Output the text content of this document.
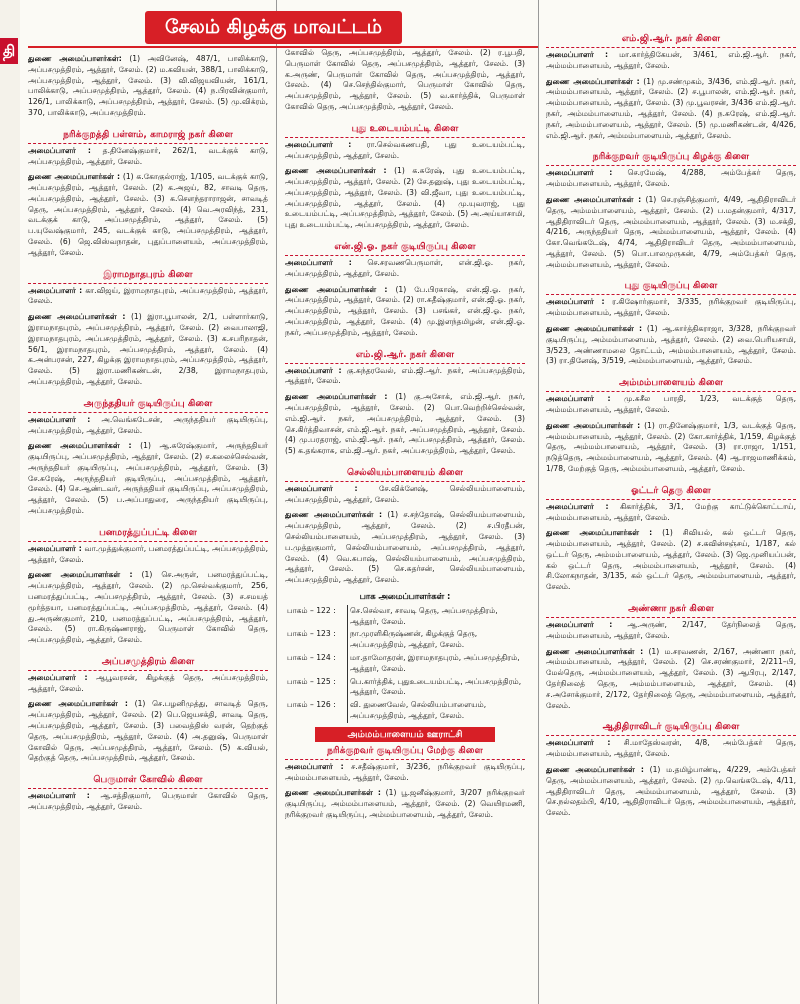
தி
சேலம் கிழக்கு மாவட்டம்
துணை அமைப்பாளர்கள்: (1) அவினேஷ், 487/1, பாலிக்காடு, அப்பசமுத்திரம், ஆத்தூர், சேலம். (2) ம.கவியன், 388/1, பாலிக்காடு, அப்பசமுத்திரம், ஆத்தூர், சேலம். (3) வி.விஜயவியன், 161/1, பாலிக்காடு, அப்பசமுத்திரம், ஆத்தூர், சேலம். (4) ந.பிரவின்குமார், 126/1, பாலிக்காடு, அப்பசமுத்திரம், ஆத்தூர், சேலம். (5) மு.விக்ரம், 370, பாலிக்காடு, அப்பசமுத்திரம்.
நரிக்குறத்தி பள்ளம், காமராஜ் நகர் கிளை
அமைப்பாளர் : த.தினேஷ்குமார், 262/1, வடக்குக் காடு, அப்பசமுத்திரம், ஆத்தூர், சேலம்.
துணை அமைப்பாளர்கள் : (1) க.கோகுல்ராஜ், 1/105, வடக்குக் காடு, அப்பசமுத்திரம், ஆத்தூர், சேலம். (2) க.அஜய், 82, சாவடி தெரு, அப்பசமுத்திரம், ஆத்தூர், சேலம். (3) க.சௌந்தராராஜன், சாவடித் தெரு, அப்பசமுத்திரம், ஆத்தூர், சேலம். (4) வெ.அரவிந்த், 231, வடக்குக் காடு, அப்பசமுத்திரம், ஆத்தூர், சேலம். (5) ப.யுவேஷ்குமார், 245, வடக்குக் காடு, அப்பசமுத்திரம், ஆத்தூர், சேலம். (6) ஜெ.விஸ்வநாதன், புதுப்பாளையம், அப்பசமுத்திரம், ஆத்தூர், சேலம்.
இராமநாதபுரம் கிளை
அமைப்பாளர் : கா.விஜய், இராமநாதபுரம், அப்பசமுத்திரம், ஆத்தூர், சேலம்.
துணை அமைப்பாளர்கள் : (1) இரா.பூபாலன், 2/1, பள்ளார்காடு, இராமநாதபுரம், அப்பசமுத்திரம், ஆத்தூர், சேலம். (2) வைபாலாஜி, இராமநாதபுரம், அப்பசமுத்திரம், ஆத்தூர், சேலம். (3) க.சபரிநாதன், 56/1, இராமநாதபுரம், அப்பசமுத்திரம், ஆத்தூர், சேலம். (4) க.அன்பரசன், 227, கிழக்கு இராமநாதபுரம், அப்பசமுத்திரம், ஆத்தூர், சேலம். (5) இரா.மணிகண்டன், 2/38, இராமநாதபுரம், அப்பசமுத்திரம், ஆத்தூர், சேலம்.
அருந்ததியர் குடியிருப்பு கிளை
அமைப்பாளர் : அ.வெங்கடேசன், அருந்ததியர் குடியிருப்பு, அப்பசமுத்திரம், ஆத்தூர், சேலம்.
துணை அமைப்பாளர்கள் : (1) ஆ.சுரேஷ்குமார், அருந்ததியர் குடியிருப்பு, அப்பசமுத்திரம், ஆத்தூர், சேலம். (2) ச.கலைச்செல்வன், அருந்ததியர் குடியிருப்பு, அப்பசமுத்திரம், ஆத்தூர், சேலம். (3) சே.சுரேஷ், அருந்ததியர் குடியிருப்பு, அப்பசமுத்திரம், ஆத்தூர், சேலம். (4) செ.ஆண்டவர், அருந்ததியர் குடியிருப்பு, அப்பசமுத்திரம், ஆத்தூர், சேலம். (5) ப.அப்பாதுரை, அருந்ததியர் குடியிருப்பு, அப்பசமுத்திரம்.
பனமரத்துப்பட்டி கிளை
அமைப்பாளர் : வா.முத்துக்குமார், பனமரத்துப்பட்டி, அப்பசமுத்திரம், ஆத்தூர், சேலம்.
துணை அமைப்பாளர்கள் : (1) செ.அருள், பனமரத்துப்பட்டி, அப்பசமுத்திரம், ஆத்தூர், சேலம். (2) மு.செல்வக்குமார், 256, பனமரத்துப்பட்டி, அப்பசமுத்திரம், ஆத்தூர், சேலம். (3) ச.சமயத் மூர்த்தயா, பனமரத்துப்பட்டி, அப்பசமுத்திரம், ஆத்தூர், சேலம். (4) து.அருண்குமார், 210, பனமரத்துப்பட்டி, அப்பசமுத்திரம், ஆத்தூர், சேலம். (5) ரா.கிருஷ்ணராஜ், பெருமாள் கோவில் தெரு, அப்பசமுத்திரம், ஆத்தூர், சேலம்.
அப்பசமுத்திரம் கிளை
அமைப்பாளர் : ஆபூவரசன், கிழக்குத் தெரு, அப்பசமுத்திரம், ஆத்தூர், சேலம்.
துணை அமைப்பாளர்கள் : (1) செ.பழனிமுத்து, சாவடித் தெரு, அப்பசமுத்திரம், ஆத்தூர், சேலம். (2) பெ.ஜெயசக்தி, சாவடி தெரு, அப்பசமுத்திரம், ஆத்தூர், சேலம். (3) பவைத்திஸ் வரன், தெற்குத் தெரு, அப்பசமுத்திரம், ஆத்தூர், சேலம். (4) அ.தனுஷ், பெருமாள் கோவில் தெரு, அப்பசமுத்திரம், ஆத்தூர், சேலம். (5) க.வியல், தெற்குத் தெரு, அப்பசமுத்திரம், ஆத்தூர், சேலம்.
பெருமாள் கோவில் கிளை
அமைப்பாளர் : ஆ.சத்திகுமார், பெருமாள் கோவில் தெரு, அப்பசமுத்திரம், ஆத்தூர், சேலம்.
கோவில் தெரு, அப்பசமுத்திரம், ஆத்தூர், சேலம். (2) ர.பூபதி, பெருமாள் கோவில் தெரு, அப்பசமுத்திரம், ஆத்தூர், சேலம். (3) க.அருண், பெருமாள் கோவில் தெரு, அப்பசமுத்திரம், ஆத்தூர், சேலம். (4) செ.செந்தில்குமார், பெருமாள் கோவில் தெரு, அப்பசமுத்திரம், ஆத்தூர், சேலம். (5) வ.கார்த்திக், பெருமாள் கோவில் தெரு, அப்பசமுத்திரம், ஆத்தூர், சேலம்.
புது உடையம்பட்டி கிளை
அமைப்பாளர் : ரா.செல்வகணபதி, புது உடையம்பட்டி, அப்பசமுத்திரம், ஆத்தூர், சேலம்.
துணை அமைப்பாளர்கள் : (1) க.சுரேஷ், புது உடையம்பட்டி, அப்பசமுத்திரம், ஆத்தூர், சேலம். (2) சே.தனுஷ், புது உடையம்பட்டி, அப்பசமுத்திரம், ஆத்தூர், சேலம். (3) வி.ஜீவா, புது உடையம்பட்டி, அப்பசமுத்திரம், ஆத்தூர், சேலம். (4) மு.யுவராஜ், புது உடையம்பட்டி, அப்பசமுத்திரம், ஆத்தூர், சேலம். (5) அ.அய்யாசாமி, புது உடையம்பட்டி, அப்பசமுத்திரம், ஆத்தூர், சேலம்.
என்.ஜி.ஓ. நகர் குடியிருப்பு கிளை
அமைப்பாளர் : செ.சரவணபெருமாள், என்.ஜி.ஓ. நகர், அப்பசமுத்திரம், ஆத்தூர், சேலம்.
துணை அமைப்பாளர்கள் : (1) பே.பிரகாஷ், என்.ஜி.ஓ. நகர், அப்பசமுத்திரம், ஆத்தூர், சேலம். (2) ரா.சுதீஷ்குமார், என்.ஜி.ஓ. நகர், அப்பசமுத்திரம், ஆத்தூர், சேலம். (3) பசங்கர், என்.ஜி.ஓ. நகர், அப்பசமுத்திரம், ஆத்தூர், சேலம். (4) மு.இளந்தமிழன், என்.ஜி.ஓ. நகர், அப்பசமுத்திரம், ஆத்தூர், சேலம்.
எம்.ஜி.ஆர். நகர் கிளை
அமைப்பாளர் : கு.சுந்தரவேல், எம்.ஜி.ஆர். நகர், அப்பசமுத்திரம், ஆத்தூர், சேலம்.
துணை அமைப்பாளர்கள் : (1) கு.அசோக், எம்.ஜி.ஆர். நகர், அப்பசமுத்திரம், ஆத்தூர், சேலம். (2) பொ.வெற்றிச்செல்வன், எம்.ஜி.ஆர். நகர், அப்பசமுத்திரம், ஆத்தூர், சேலம். (3) செ.கிர்த்திவாசன், எம்.ஜி.ஆர். நகர், அப்பசமுத்திரம், ஆத்தூர், சேலம். (4) மு.பரதராஜ், எம்.ஜி.ஆர். நகர், அப்பசமுத்திரம், ஆத்தூர், சேலம். (5) க.தங்கராசு, எம்.ஜி.ஆர். நகர், அப்பசமுத்திரம், ஆத்தூர், சேலம்.
செல்லியம்பாளையம் கிளை
அமைப்பாளர் :	சே.விக்னேஷ், செல்லியம்பாளையம், அப்பசமுத்திரம், ஆத்தூர், சேலம்.
துணை அமைப்பாளர்கள் : (1) ச.சந்தோஷ், செல்லியம்பாளையம், அப்பசமுத்திரம், ஆத்தூர், சேலம். (2) ச.பிரதீபன், செல்லியம்பாளையம், அப்பசமுத்திரம், ஆத்தூர், சேலம். (3) ப.முத்துகுமார், செல்லியம்பாளையம், அப்பசமுத்திரம், ஆத்தூர், சேலம். (4) வெ.சுபாஷ், செல்லியம்பாளையம், அப்பசமுத்திரம், ஆத்தூர், சேலம். (5) செ.சுதர்சன், செல்லியம்பாளையம், அப்பசமுத்திரம், ஆத்தூர், சேலம்.
பாக அமைப்பாளர்கள் :
பாகம் – 122 :	செ.செல்வா, சாவடி தெரு, அப்பசமுத்திரம், ஆத்தூர், சேலம்.
பாகம் – 123 :	நா.முரளிகிருஷ்ணன், கிழக்குத் தெரு, அப்பசமுத்திரம், ஆத்தூர், சேலம்.
பாகம் – 124 :	மா.தாமோதரன், இராமநாதபுரம், அப்பசமுத்திரம், ஆத்தூர், சேலம்.
பாகம் – 125 :	பெ.கார்த்திக், புதுஉடையம்பட்டி, அப்பசமுத்திரம், ஆத்தூர், சேலம்.
பாகம் – 126 :	வி. துணைவேல், செல்லியம்பாளையம், அப்பசமுத்திரம், ஆத்தூர், சேலம்.
அம்மம்பாளையம் ஊராட்சி
நரிக்குறவர் குடியிருப்பு மேற்கு கிளை
அமைப்பாளர் : ச.சதீஷ்குமார், 3/236, நரிக்குறவர் குடியிருப்பு, அம்மம்பாளையம், ஆத்தூர், சேலம்.
துணை அமைப்பாளர்கள் : (1) பூ.ஜனீஷ்குமார், 3/207 நரிக்குறவர் குடியிருப்பு, அம்மம்பாளையம், ஆத்தூர், சேலம். (2) வெயிரமணி, நரிக்குறவர் குடியிருப்பு, அம்மம்பாளையம், ஆத்தூர், சேலம்.
எம்.ஜி.ஆர். நகர் கிளை
அமைப்பாளர் : மா.கார்த்திகேயன், 3/461, எம்.ஜி.ஆர். நகர், அம்மம்பாளையம், ஆத்தூர், சேலம்.
துணை அமைப்பாளர்கள் : (1) மு.சண்முகம், 3/436, எம்.ஜி.ஆர். நகர், அம்மம்பாளையம், ஆத்தூர், சேலம். (2) ச.பூபாலன், எம்.ஜி.ஆர். நகர், அம்மம்பாளையம், ஆத்தூர், சேலம். (3) மு.பூவரசன், 3/436 எம்.ஜி.ஆர். நகர், அம்மம்பாளையம், ஆத்தூர், சேலம். (4) ந.சுரேஷ், எம்.ஜி.ஆர். நகர், அம்மம்பாளையம், ஆத்தூர், சேலம். (5) மு.மணிகண்டன், 4/426, எம்.ஜி.ஆர். நகர், அம்மம்பாளையம், ஆத்தூர், சேலம்.
நரிக்குறவர் குடியிருப்பு கிழக்கு கிளை
அமைப்பாளர் : செ.ரமேஷ், 4/288, அம்பேத்கர் தெரு, அம்மம்பாளையம், ஆத்தூர், சேலம்.
துணை அமைப்பாளர்கள் : (1) செ.ரஞ்சித்குமார், 4/49, ஆதிதிராவிடர் தெரு, அம்மம்பாளையம், ஆத்தூர், சேலம். (2) ப.மதன்குமார், 4/317, ஆதிதிராவிடர் தெரு, அம்மம்பாளையம், ஆத்தூர், சேலம். (3) ம.சக்தி, 4/216, அருந்ததியர் தெரு, அம்மம்பாளையம், ஆத்தூர், சேலம். (4) கோ.வெங்கடேஷ், 4/74, ஆதிதிராவிடர் தெரு, அம்மம்பாளையம், ஆத்தூர், சேலம். (5) பொ.பாலமுருகன், 4/79, அம்பேத்கர் தெரு, அம்மம்பாளையம், ஆத்தூர், சேலம்.
புது குடியிருப்பு கிளை
அமைப்பாளர் : ர.கிஷோர்குமார், 3/335, நரிக்குறவர் குடியிருப்பு, அம்மம்பாளையம், ஆத்தூர், சேலம்.
துணை அமைப்பாளர்கள் : (1) ஆ.கார்த்திகராஜா, 3/328, நரிக்குறவர் குடியிருப்பு, அம்மம்பாளையம், ஆத்தூர், சேலம். (2) வை.பெரியசாமி, 3/523, அண்ணாமலை தோட்டம், அம்மம்பாளையம், ஆத்தூர், சேலம். (3) ரா.தினேஷ், 3/519, அம்மம்பாளையம், ஆத்தூர், சேலம்.
அம்மம்பாளையம் கிளை
அமைப்பாளர் : மு.சுசீல பாரதி, 1/23, வடக்குத் தெரு, அம்மம்பாளையம், ஆத்தூர், சேலம்.
துணை அமைப்பாளர்கள் : (1) ரா.தினேஷ்குமார், 1/3, வடக்குத் தெரு, அம்மம்பாளையம், ஆத்தூர், சேலம். (2) கோ.கார்த்திக், 1/159, கிழக்குத் தெரு, அம்மம்பாளையம், ஆத்தூர், சேலம். (3) ரா.ராஜா, 1/151, நடுத்தெரு, அம்மம்பாளையம், ஆத்தூர், சேலம். (4) ஆ.ராஜமாணிக்கம், 1/78, மேற்குத் தெரு, அம்மம்பாளையம், ஆத்தூர், சேலம்.
ஓட்டர் தெரு கிளை
அமைப்பாளர் : கிகார்த்திக், 3/1, மேற்கு காட்டுக்கொட்டாய், அம்மம்பாளையம், ஆத்தூர், சேலம்.
துணை அமைப்பாளர்கள் : (1) சிவியல், கல் ஒட்டர் தெரு, அம்மம்பாளையம், ஆத்தூர், சேலம். (2) ச.கவின்சஞ்சய், 1/187, கல் ஒட்டர் தெரு, அம்மம்பாளையம், ஆத்தூர், சேலம். (3) ஜெ.முனியப்பன், கல் ஒட்டர் தெரு, அம்மம்பாளையம், ஆத்தூர், சேலம். (4) சி.லோகநாதன், 3/135, கல் ஒட்டர் தெரு, அம்மம்பாளையம், ஆத்தூர், சேலம்.
அண்ணா நகர் கிளை
அமைப்பாளர் : ஆ.அருண், 2/147, தேர்நிலைத் தெரு, அம்மம்பாளையம், ஆத்தூர், சேலம்.
துணை அமைப்பாளர்கள் : (1) ம.சரவணன், 2/167, அண்ணா நகர், அம்மம்பாளையம், ஆத்தூர், சேலம். (2) செ.சரண்குமார், 2/211–பி, மேல்தெரு, அம்மம்பாளையம், ஆத்தூர், சேலம். (3) ஆபிரபு, 2/147, தேர்நிலைத் தெரு, அம்மம்பாளையம், ஆத்தூர், சேலம். (4) ச.அசோக்குமார், 2/172, தேர்நிலைத் தெரு, அம்மம்பாளையம், ஆத்தூர், சேலம்.
ஆதிதிராவிடர் குடியிருப்பு கிளை
அமைப்பாளர் : சி.மாதேஸ்வரன், 4/8, அம்பேத்கர் தெரு, அம்மம்பாளையம், ஆத்தூர், சேலம்.
துணை அமைப்பாளர்கள் : (1) ம.தமிழ்பாண்டி, 4/229, அம்பேத்கர் தெரு, அம்மம்பாளையம், ஆத்தூர், சேலம். (2) மு.வெங்கடேஷ், 4/11, ஆதிதிராவிடர் தெரு, அம்மம்பாளையம், ஆத்தூர், சேலம். (3) செ.நல்லதம்பி, 4/10, ஆதிதிராவிடர் தெரு, அம்மம்பாளையம், ஆத்தூர், சேலம்.
